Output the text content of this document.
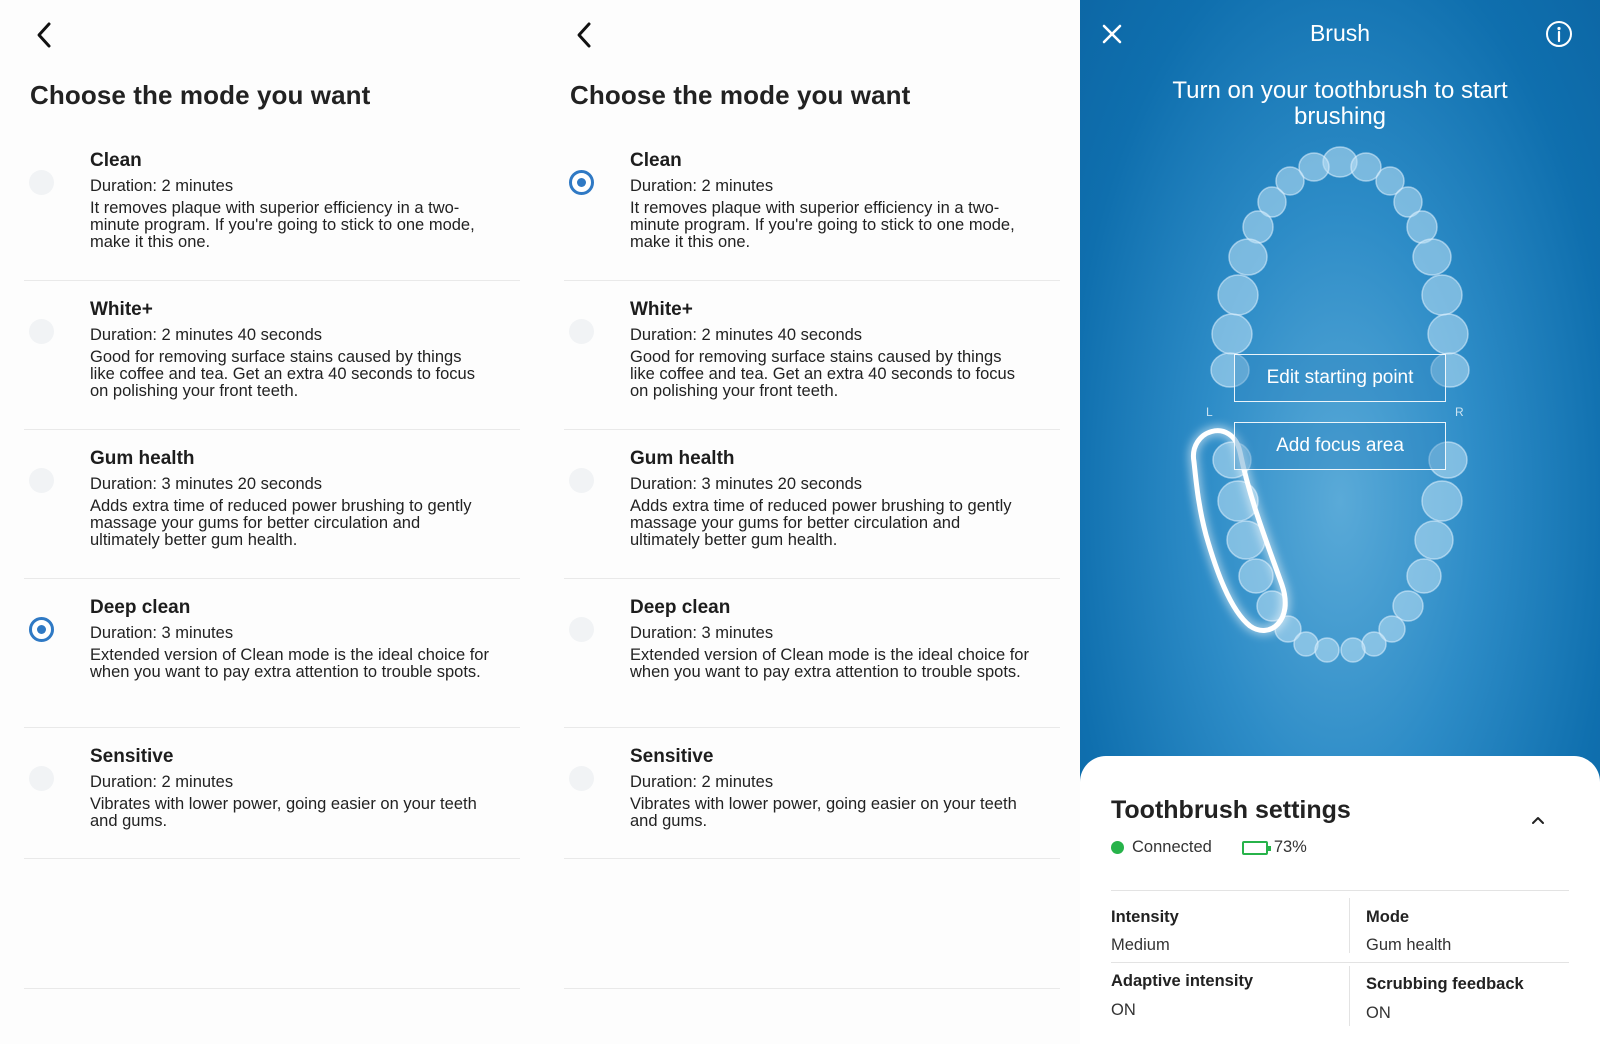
Choose the mode you want
Clean
Duration: 2 minutes
It removes plaque with superior efficiency in a two-minute program. If you're going to stick to one mode, make it this one.
White+
Duration: 2 minutes 40 seconds
Good for removing surface stains caused by things like coffee and tea. Get an extra 40 seconds to focus on polishing your front teeth.
Gum health
Duration: 3 minutes 20 seconds
Adds extra time of reduced power brushing to gently massage your gums for better circulation and ultimately better gum health.
Deep clean
Duration: 3 minutes
Extended version of Clean mode is the ideal choice for when you want to pay extra attention to trouble spots.
Sensitive
Duration: 2 minutes
Vibrates with lower power, going easier on your teeth and gums.
Choose the mode you want
Clean
Duration: 2 minutes
It removes plaque with superior efficiency in a two-minute program. If you're going to stick to one mode, make it this one.
White+
Duration: 2 minutes 40 seconds
Good for removing surface stains caused by things like coffee and tea. Get an extra 40 seconds to focus on polishing your front teeth.
Gum health
Duration: 3 minutes 20 seconds
Adds extra time of reduced power brushing to gently massage your gums for better circulation and ultimately better gum health.
Deep clean
Duration: 3 minutes
Extended version of Clean mode is the ideal choice for when you want to pay extra attention to trouble spots.
Sensitive
Duration: 2 minutes
Vibrates with lower power, going easier on your teeth and gums.
Brush
Turn on your toothbrush to start brushing
L	R
Edit starting point
Add focus area
Toothbrush settings
Connected	73%
Intensity
Medium
Mode
Gum health
Adaptive intensity
ON
Scrubbing feedback
ON
